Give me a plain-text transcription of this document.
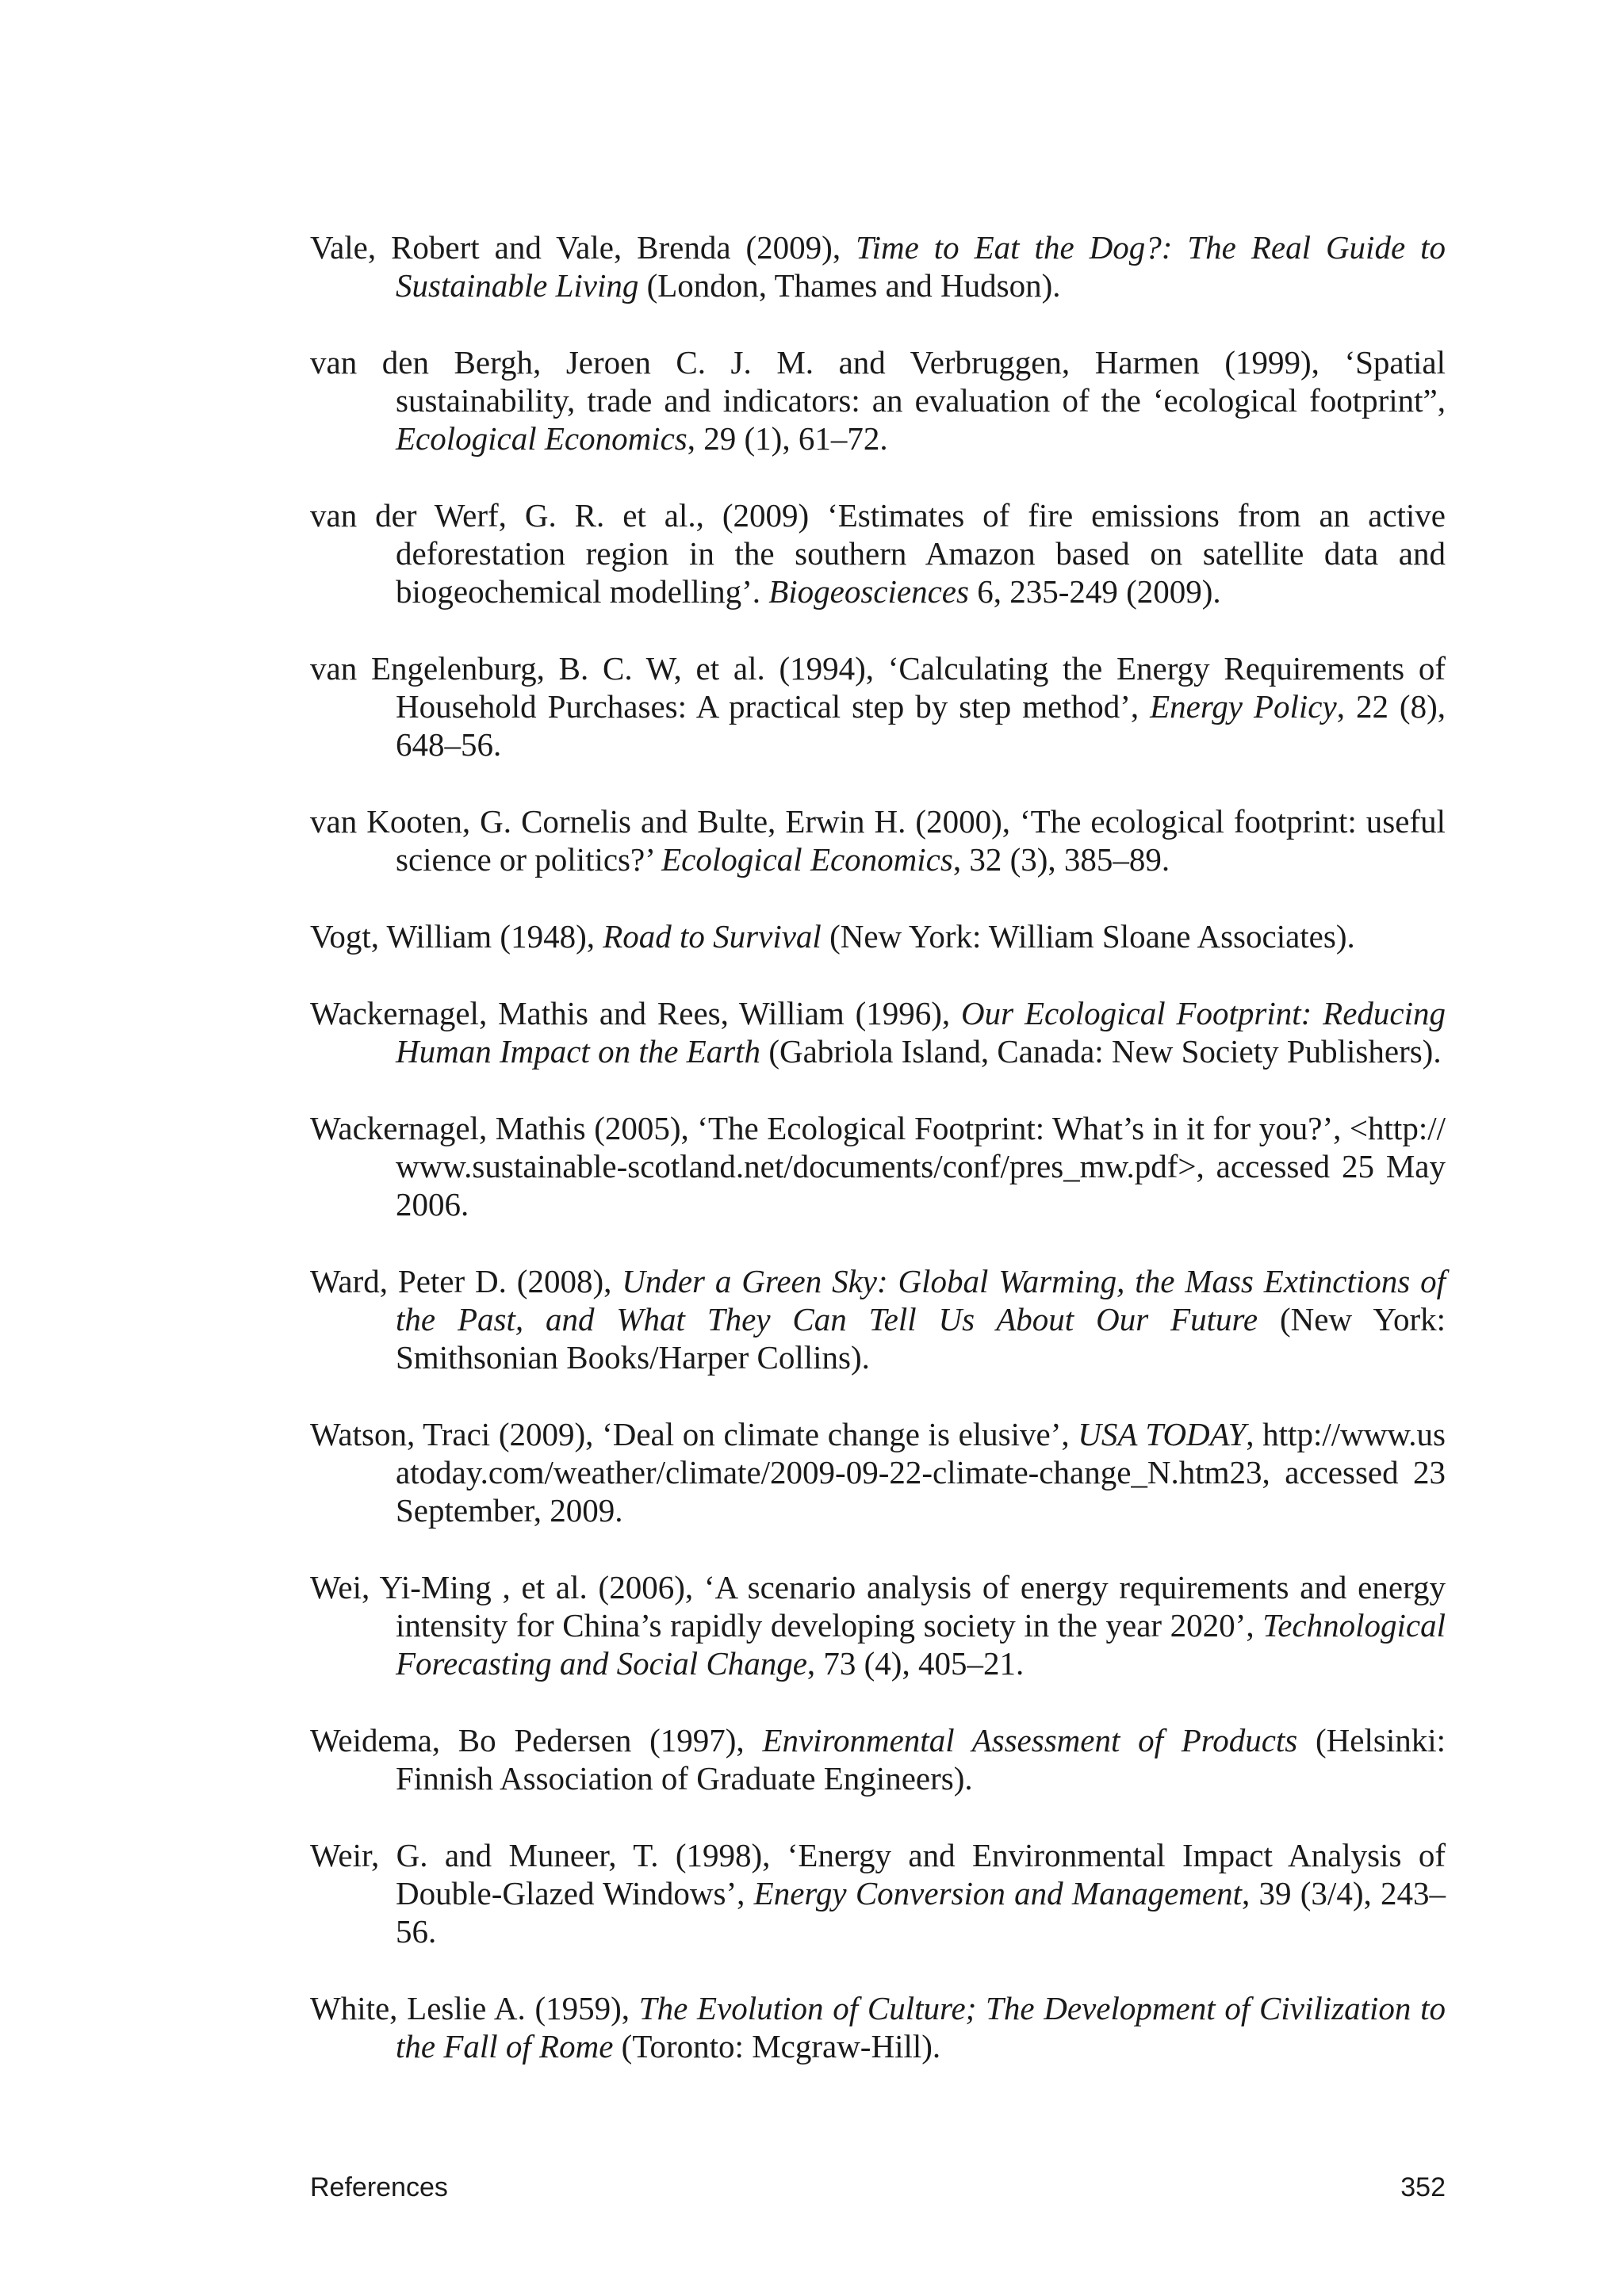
Vale, Robert and Vale, Brenda (2009), Time to Eat the Dog?: The Real Guide to Sustainable Living (London, Thames and Hudson).

van den Bergh, Jeroen C. J. M. and Verbruggen, Harmen (1999), ‘Spatial sustainability, trade and indicators: an evaluation of the ‘ecological footprint”, Ecological Economics, 29 (1), 61–72.

van der Werf, G. R. et al., (2009) ‘Estimates of fire emissions from an active deforestation region in the southern Amazon based on satellite data and biogeochemical modelling’. Biogeosciences 6, 235-249 (2009).

van Engelenburg, B. C. W, et al. (1994), ‘Calculating the Energy Requirements of Household Purchases: A practical step by step method’, Energy Policy, 22 (8), 648–56.

van Kooten, G. Cornelis and Bulte, Erwin H. (2000), ‘The ecological footprint: useful science or politics?’ Ecological Economics, 32 (3), 385–89.

Vogt, William (1948), Road to Survival (New York: William Sloane Associates).

Wackernagel, Mathis and Rees, William (1996), Our Ecological Footprint: Reducing Human Impact on the Earth (Gabriola Island, Canada: New Society Publishers).

Wackernagel, Mathis (2005), ‘The Ecological Footprint: What’s in it for you?’, <http://www.sustainable-scotland.net/documents/conf/pres_mw.pdf>, accessed 25 May 2006.

Ward, Peter D. (2008), Under a Green Sky: Global Warming, the Mass Extinctions of the Past, and What They Can Tell Us About Our Future (New York: Smithsonian Books/Harper Collins).

Watson, Traci (2009), ‘Deal on climate change is elusive’, USA TODAY, http://www.usatoday.com/weather/climate/2009-09-22-climate-change_N.htm23, accessed 23 September, 2009.

Wei, Yi-Ming , et al. (2006), ‘A scenario analysis of energy requirements and energy intensity for China’s rapidly developing society in the year 2020’, Technological Forecasting and Social Change, 73 (4), 405–21.

Weidema, Bo Pedersen (1997), Environmental Assessment of Products (Helsinki: Finnish Association of Graduate Engineers).

Weir, G. and Muneer, T. (1998), ‘Energy and Environmental Impact Analysis of Double-Glazed Windows’, Energy Conversion and Management, 39 (3/4), 243–56.

White, Leslie A. (1959), The Evolution of Culture; The Development of Civilization to the Fall of Rome (Toronto: Mcgraw-Hill).

References	352
